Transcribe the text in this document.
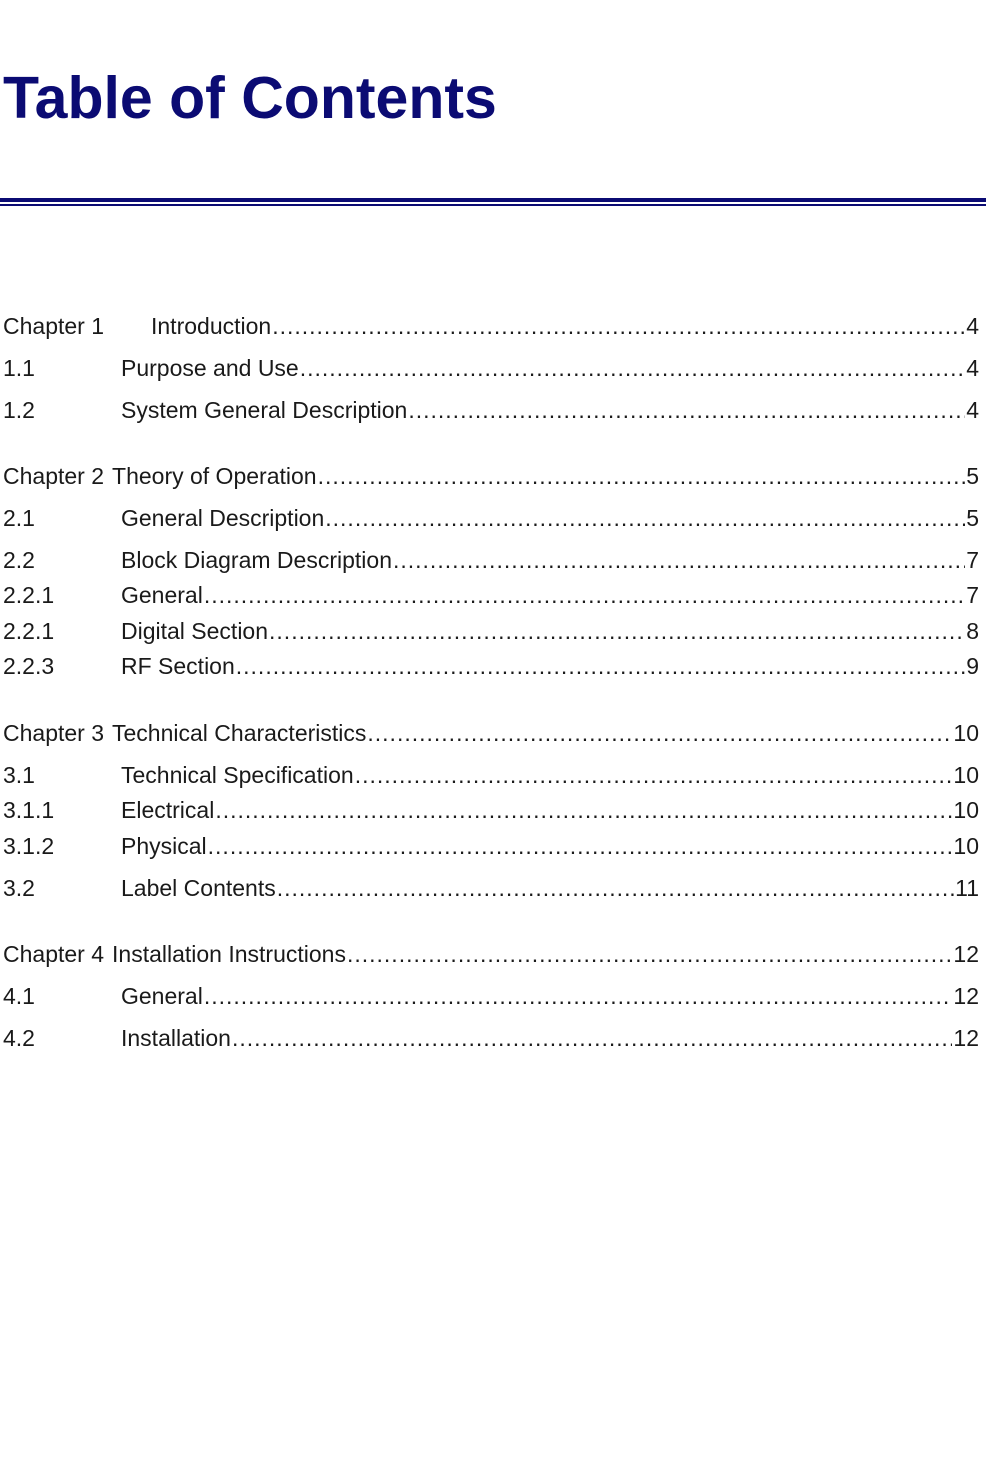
Table of Contents
Chapter 1	Introduction .....	4
1.1	Purpose and Use .....	4
1.2	System General Description .....	4
Chapter 2 Theory of Operation .....	5
2.1	General Description .....	5
2.2	Block Diagram Description .....	7
2.2.1	General .....	7
2.2.1	Digital Section .....	8
2.2.3	RF Section .....	9
Chapter 3 Technical Characteristics .....	10
3.1	Technical Specification .....	10
3.1.1	Electrical .....	10
3.1.2	Physical .....	10
3.2	Label Contents .....	11
Chapter 4 Installation Instructions .....	12
4.1	General .....	12
4.2	Installation .....	12
